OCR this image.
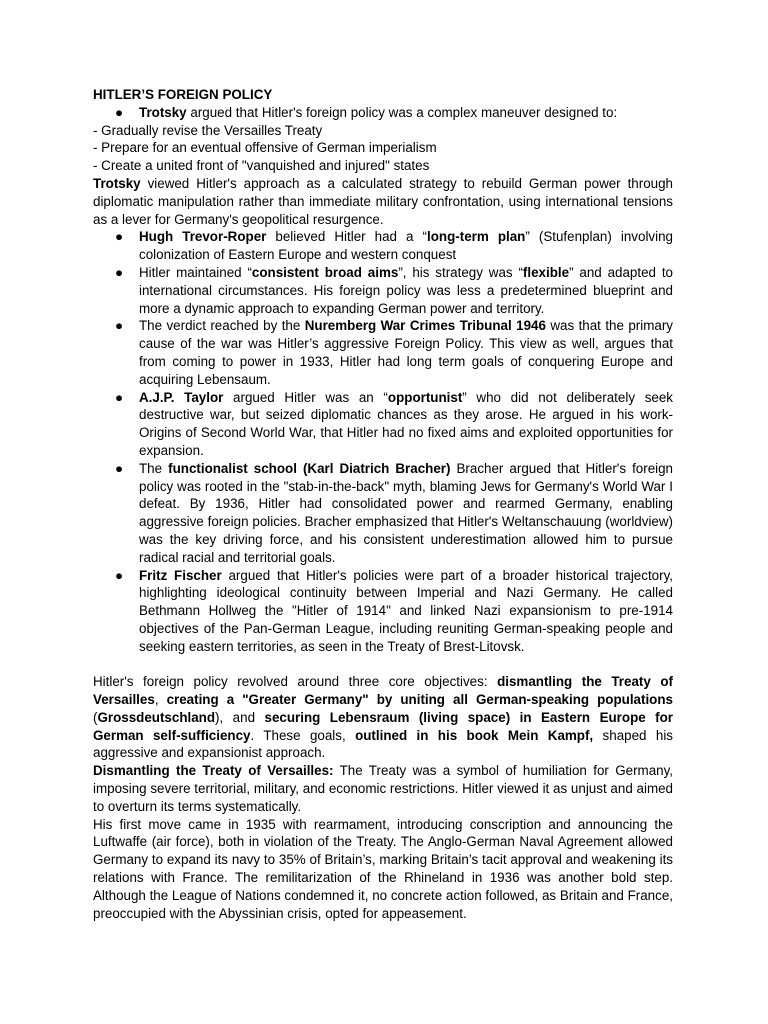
HITLER’S FOREIGN POLICY

● Trotsky argued that Hitler's foreign policy was a complex maneuver designed to:

- Gradually revise the Versailles Treaty

- Prepare for an eventual offensive of German imperialism

- Create a united front of "vanquished and injured" states

Trotsky viewed Hitler's approach as a calculated strategy to rebuild German power through diplomatic manipulation rather than immediate military confrontation, using international tensions as a lever for Germany's geopolitical resurgence.

● Hugh Trevor-Roper believed Hitler had a “long-term plan” (Stufenplan) involving colonization of Eastern Europe and western conquest
● Hitler maintained “consistent broad aims”, his strategy was “flexible” and adapted to international circumstances. His foreign policy was less a predetermined blueprint and more a dynamic approach to expanding German power and territory.
● The verdict reached by the Nuremberg War Crimes Tribunal 1946 was that the primary cause of the war was Hitler’s aggressive Foreign Policy. This view as well, argues that from coming to power in 1933, Hitler had long term goals of conquering Europe and acquiring Lebensaum.
● A.J.P. Taylor argued Hitler was an “opportunist” who did not deliberately seek destructive war, but seized diplomatic chances as they arose. He argued in his work- Origins of Second World War, that Hitler had no fixed aims and exploited opportunities for expansion.
● The functionalist school (Karl Diatrich Bracher) Bracher argued that Hitler's foreign policy was rooted in the "stab-in-the-back" myth, blaming Jews for Germany's World War I defeat. By 1936, Hitler had consolidated power and rearmed Germany, enabling aggressive foreign policies. Bracher emphasized that Hitler's Weltanschauung (worldview) was the key driving force, and his consistent underestimation allowed him to pursue radical racial and territorial goals.
● Fritz Fischer argued that Hitler's policies were part of a broader historical trajectory, highlighting ideological continuity between Imperial and Nazi Germany. He called Bethmann Hollweg the "Hitler of 1914" and linked Nazi expansionism to pre-1914 objectives of the Pan-German League, including reuniting German-speaking people and seeking eastern territories, as seen in the Treaty of Brest-Litovsk.

Hitler's foreign policy revolved around three core objectives: dismantling the Treaty of Versailles, creating a "Greater Germany" by uniting all German-speaking populations (Grossdeutschland), and securing Lebensraum (living space) in Eastern Europe for German self-sufficiency. These goals, outlined in his book Mein Kampf, shaped his aggressive and expansionist approach.

Dismantling the Treaty of Versailles: The Treaty was a symbol of humiliation for Germany, imposing severe territorial, military, and economic restrictions. Hitler viewed it as unjust and aimed to overturn its terms systematically.

His first move came in 1935 with rearmament, introducing conscription and announcing the Luftwaffe (air force), both in violation of the Treaty. The Anglo-German Naval Agreement allowed Germany to expand its navy to 35% of Britain’s, marking Britain’s tacit approval and weakening its relations with France. The remilitarization of the Rhineland in 1936 was another bold step. Although the League of Nations condemned it, no concrete action followed, as Britain and France, preoccupied with the Abyssinian crisis, opted for appeasement.
